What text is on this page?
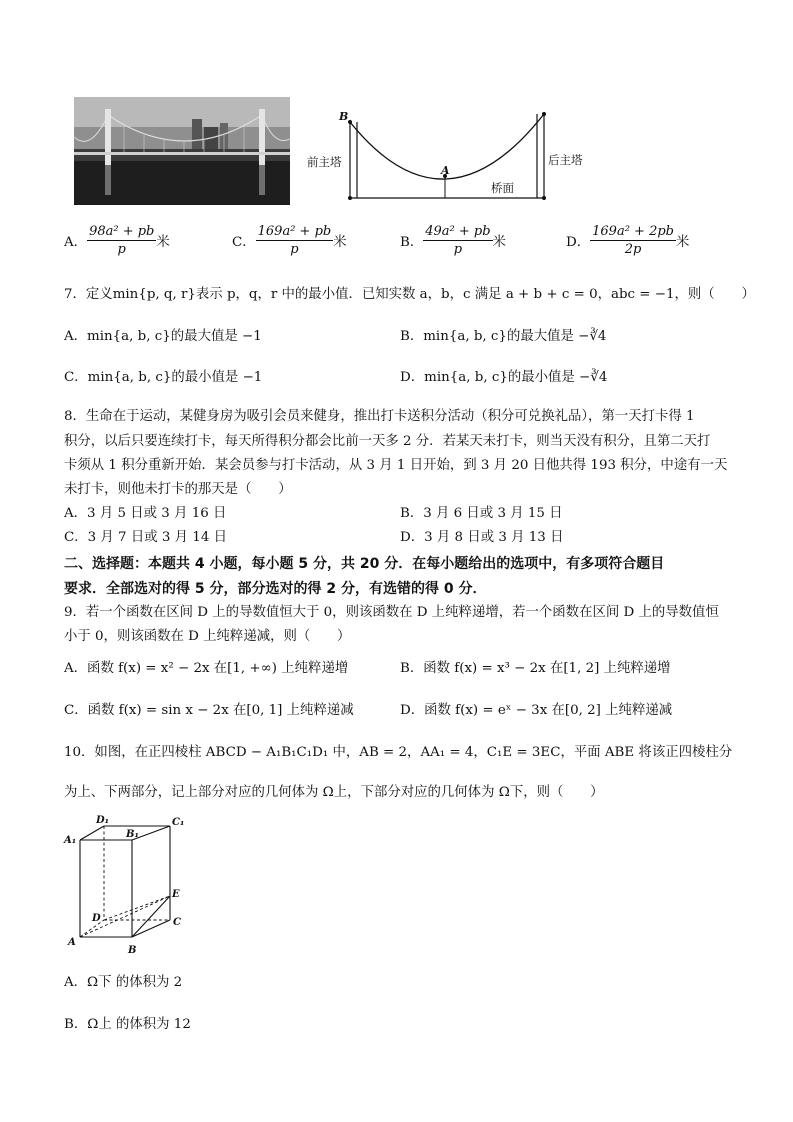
B
A
前主塔	后主塔
桥面
A． $\frac{\text{98a² + pb}}{p}$ 米	C． $\frac{\text{169a² + pb}}{p}$ 米	B． $\frac{\text{49a² + pb}}{p}$ 米	D． $\frac{\text{169a² + 2pb}}{2p}$ 米
7．定义min{p, q, r}表示 p，q，r 中的最小值．已知实数 a，b，c 满足 a + b + c = 0，abc = −1，则（　　）
A．min{a, b, c}的最大值是 −1	B．min{a, b, c}的最大值是 −∛4
C．min{a, b, c}的最小值是 −1	D．min{a, b, c}的最小值是 −∛4
8．生命在于运动，某健身房为吸引会员来健身，推出打卡送积分活动（积分可兑换礼品），第一天打卡得 1
积分，以后只要连续打卡，每天所得积分都会比前一天多 2 分．若某天未打卡，则当天没有积分，且第二天打
卡须从 1 积分重新开始．某会员参与打卡活动，从 3 月 1 日开始，到 3 月 20 日他共得 193 积分，中途有一天
未打卡，则他未打卡的那天是（　　）
A．3 月 5 日或 3 月 16 日	B．3 月 6 日或 3 月 15 日
C．3 月 7 日或 3 月 14 日	D．3 月 8 日或 3 月 13 日
二、选择题：本题共 4 小题，每小题 5 分，共 20 分．在每小题给出的选项中，有多项符合题目
要求．全部选对的得 5 分，部分选对的得 2 分，有选错的得 0 分．
9．若一个函数在区间 D 上的导数值恒大于 0，则该函数在 D 上纯粹递增，若一个函数在区间 D 上的导数值恒
小于 0，则该函数在 D 上纯粹递减，则（　　）
A．函数 f(x) = x² − 2x 在[1, +∞) 上纯粹递增	B．函数 f(x) = x³ − 2x 在[1, 2] 上纯粹递增
C．函数 f(x) = sin x − 2x 在[0, 1] 上纯粹递减	D．函数 f(x) = eˣ − 3x 在[0, 2] 上纯粹递减
10．如图，在正四棱柱 ABCD − A₁B₁C₁D₁ 中，AB = 2，AA₁ = 4，C₁E = 3EC，平面 ABE 将该正四棱柱分
为上、下两部分，记上部分对应的几何体为 Ω上，下部分对应的几何体为 Ω下，则（　　）
D₁	C₁
B₁
A₁
E
D	C
A
B
A．Ω下 的体积为 2
B．Ω上 的体积为 12
